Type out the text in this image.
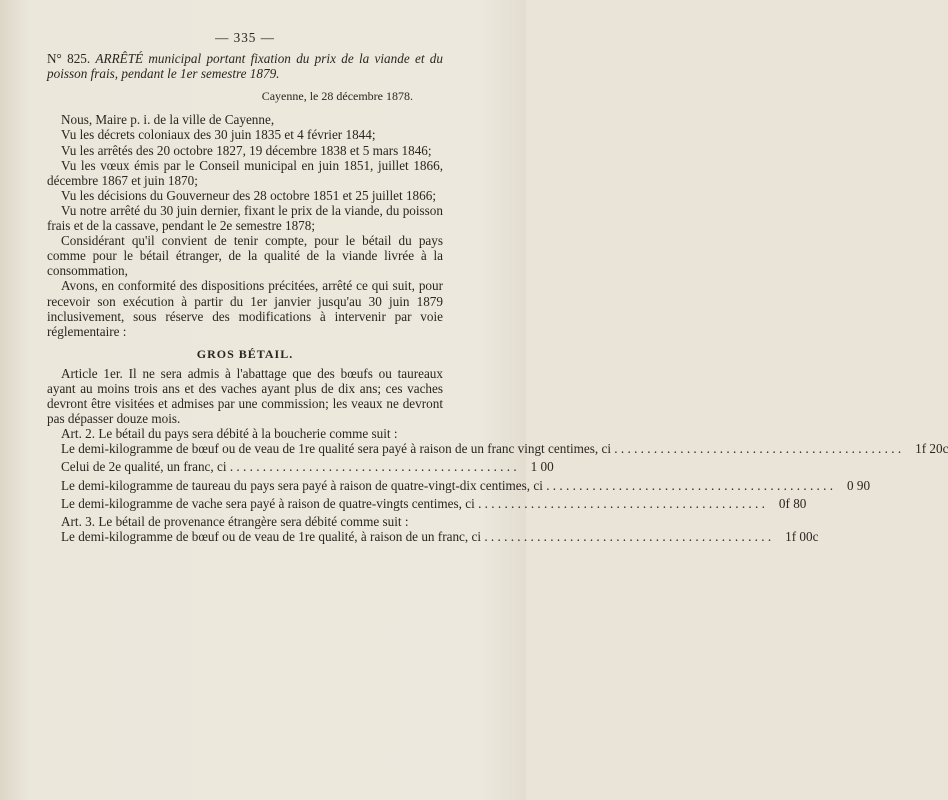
— 335 —

N° 825. ARRÊTÉ municipal portant fixation du prix de la viande et du poisson frais, pendant le 1er semestre 1879.

Cayenne, le 28 décembre 1878.

Nous, Maire p. i. de la ville de Cayenne,

Vu les décrets coloniaux des 30 juin 1835 et 4 février 1844;

Vu les arrêtés des 20 octobre 1827, 19 décembre 1838 et 5 mars 1846;

Vu les vœux émis par le Conseil municipal en juin 1851, juillet 1866, décembre 1867 et juin 1870;

Vu les décisions du Gouverneur des 28 octobre 1851 et 25 juillet 1866;

Vu notre arrêté du 30 juin dernier, fixant le prix de la viande, du poisson frais et de la cassave, pendant le 2e semestre 1878;

Considérant qu'il convient de tenir compte, pour le bétail du pays comme pour le bétail étranger, de la qualité de la viande livrée à la consommation,

Avons, en conformité des dispositions précitées, arrêté ce qui suit, pour recevoir son exécution à partir du 1er janvier jusqu'au 30 juin 1879 inclusivement, sous réserve des modifications à intervenir par voie réglementaire :

GROS BÉTAIL.

Article 1er. Il ne sera admis à l'abattage que des bœufs ou taureaux ayant au moins trois ans et des vaches ayant plus de dix ans; ces vaches devront être visitées et admises par une commission; les veaux ne devront pas dépasser douze mois.

Art. 2. Le bétail du pays sera débité à la boucherie comme suit :

Le demi-kilogramme de bœuf ou de veau de 1re qualité sera payé à raison de un franc vingt centimes, ci . . .	1f 20c
Celui de 2e qualité, un franc, ci . . .	1 00
Le demi-kilogramme de taureau du pays sera payé à raison de quatre-vingt-dix centimes, ci . . .	0 90
Le demi-kilogramme de vache sera payé à raison de quatre-vingts centimes, ci . . .	0f 80

Art. 3. Le bétail de provenance étrangère sera débité comme suit :

Le demi-kilogramme de bœuf ou de veau de 1re qualité, à raison de un franc, ci . . .	1f 00c
